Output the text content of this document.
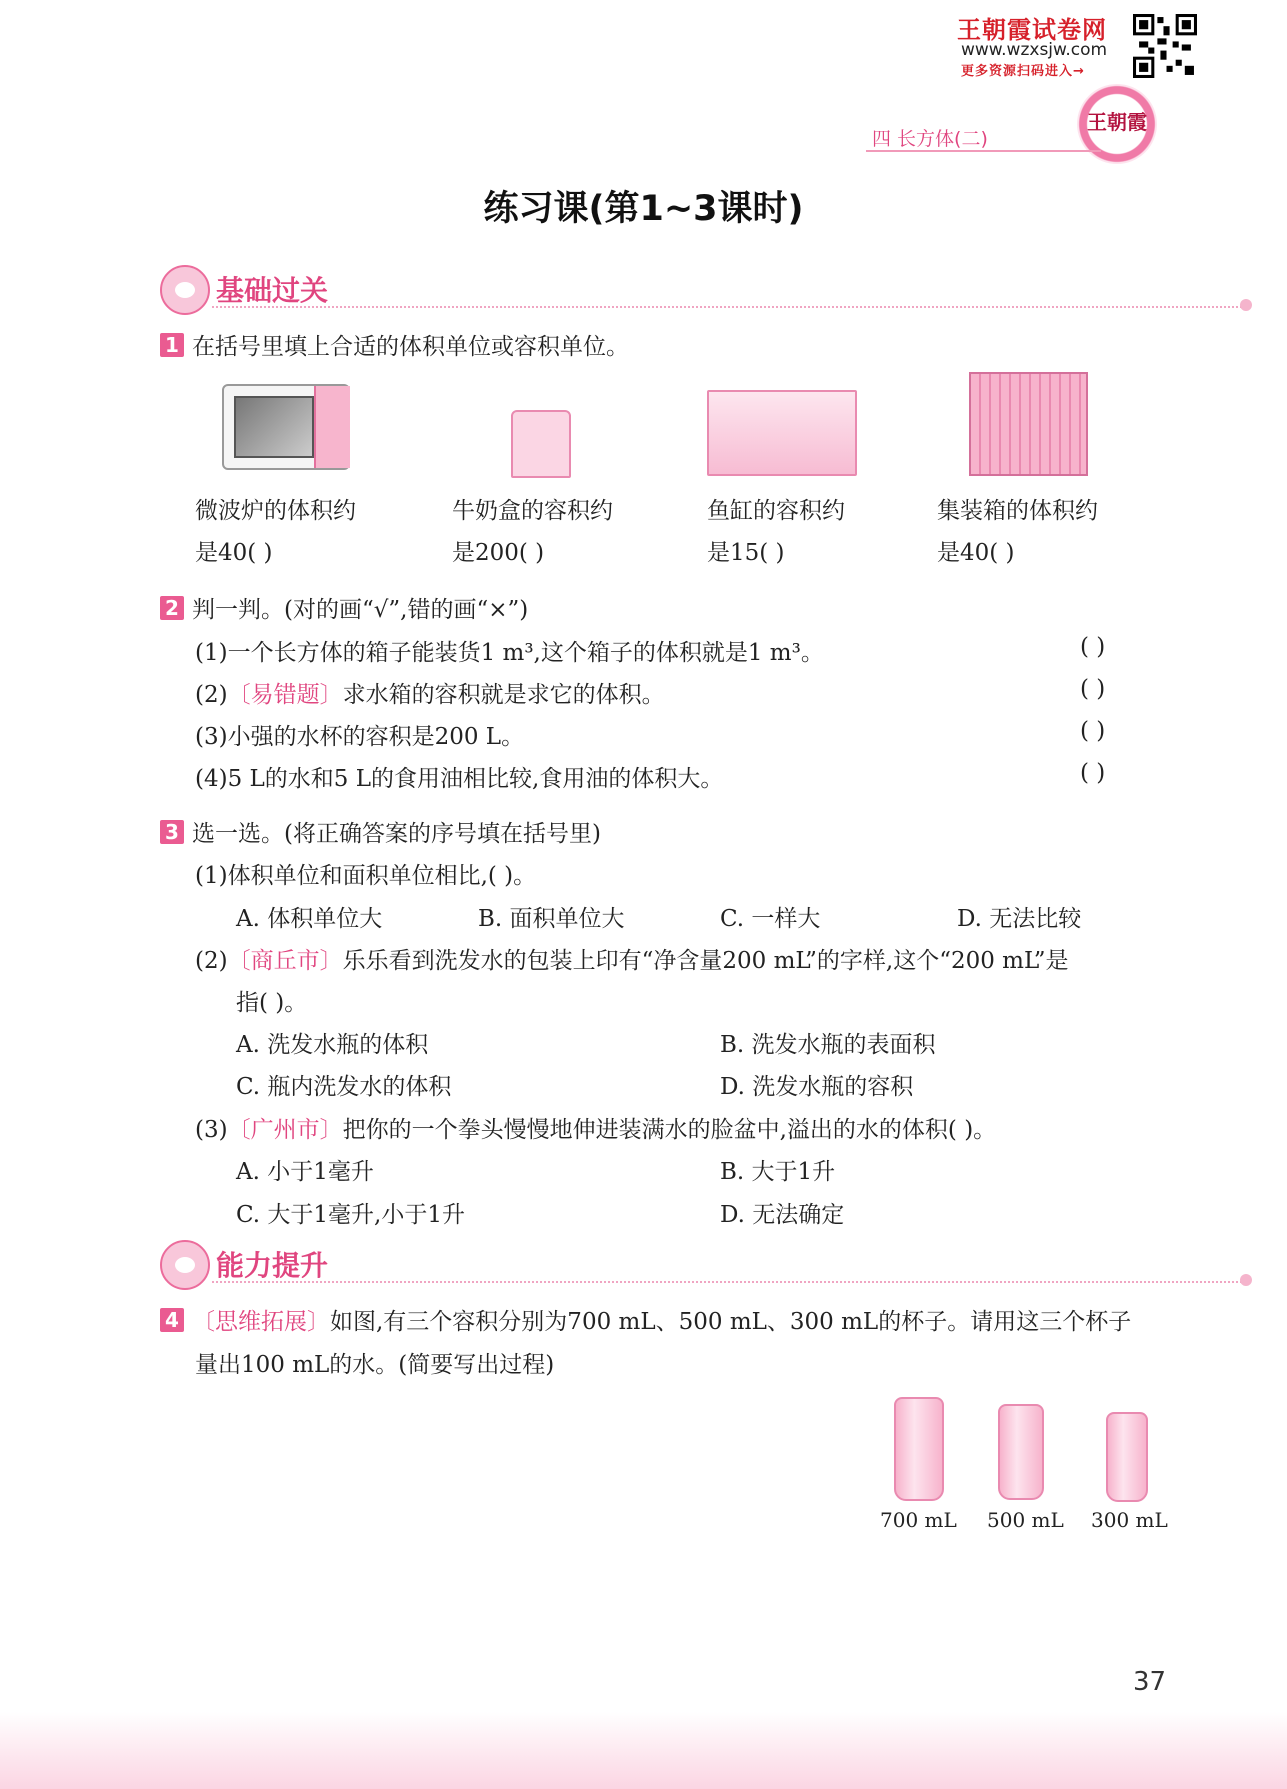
王朝霞试卷网
www.wzxsjw.com
更多资源扫码进入→
王朝霞
四 长方体(二)
练习课(第1~3课时)
基础过关
1 在括号里填上合适的体积单位或容积单位。
微波炉的体积约
是40( )
牛奶盒的容积约
是200( )
鱼缸的容积约
是15( )
集装箱的体积约
是40( )
2 判一判。(对的画“√”,错的画“×”)
(1)一个长方体的箱子能装货1 m³,这个箱子的体积就是1 m³。	( )
(2)〔易错题〕求水箱的容积就是求它的体积。	( )
(3)小强的水杯的容积是200 L。	( )
(4)5 L的水和5 L的食用油相比较,食用油的体积大。	( )
3 选一选。(将正确答案的序号填在括号里)
(1)体积单位和面积单位相比,( )。
A. 体积单位大	B. 面积单位大	C. 一样大	D. 无法比较
(2)〔商丘市〕乐乐看到洗发水的包装上印有“净含量200 mL”的字样,这个“200 mL”是
指( )。
A. 洗发水瓶的体积	B. 洗发水瓶的表面积
C. 瓶内洗发水的体积	D. 洗发水瓶的容积
(3)〔广州市〕把你的一个拳头慢慢地伸进装满水的脸盆中,溢出的水的体积( )。
A. 小于1毫升	B. 大于1升
C. 大于1毫升,小于1升	D. 无法确定
能力提升
4 〔思维拓展〕如图,有三个容积分别为700 mL、500 mL、300 mL的杯子。请用这三个杯子
量出100 mL的水。(简要写出过程)
700 mL 500 mL 300 mL
37
